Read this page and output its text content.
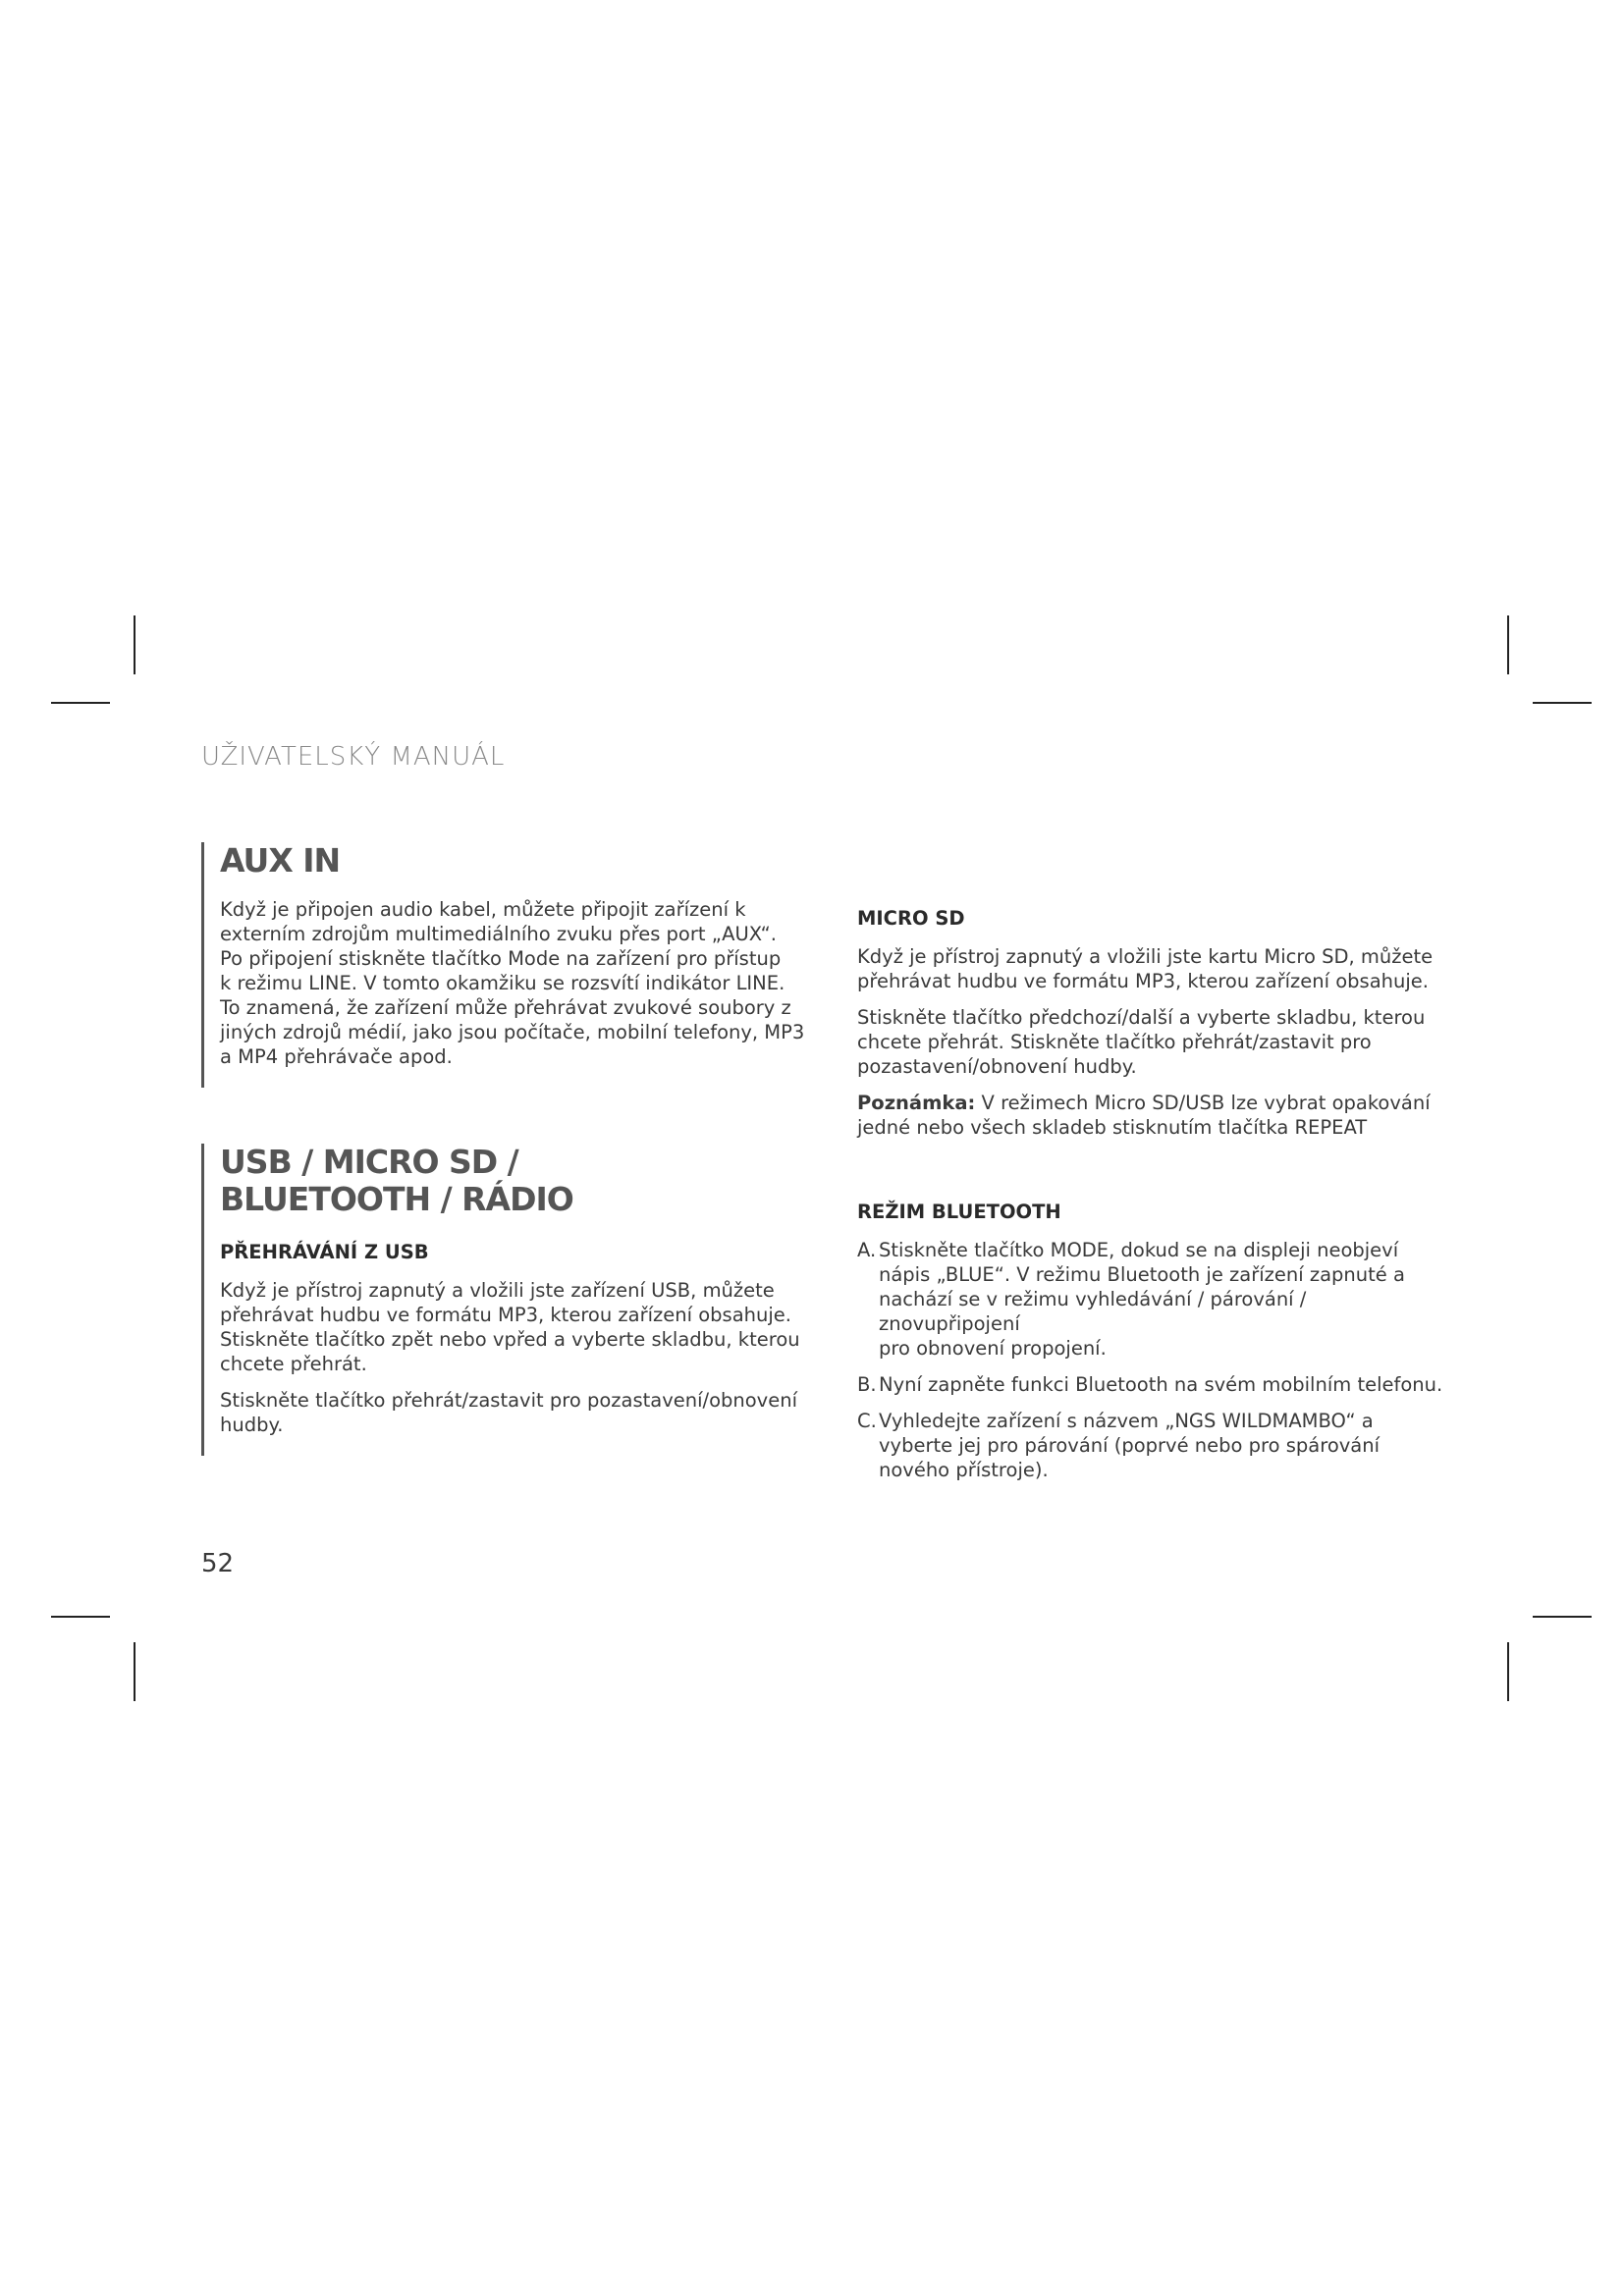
UŽIVATELSKÝ MANUÁL
AUX IN

Když je připojen audio kabel, můžete připojit zařízení k
externím zdrojům multimediálního zvuku přes port „AUX“.
Po připojení stiskněte tlačítko Mode na zařízení pro přístup
k režimu LINE. V tomto okamžiku se rozsvítí indikátor LINE.
To znamená, že zařízení může přehrávat zvukové soubory z
jiných zdrojů médií, jako jsou počítače, mobilní telefony, MP3
a MP4 přehrávače apod.

USB / MICRO SD /
BLUETOOTH / RÁDIO

PŘEHRÁVÁNÍ Z USB

Když je přístroj zapnutý a vložili jste zařízení USB, můžete
přehrávat hudbu ve formátu MP3, kterou zařízení obsahuje.
Stiskněte tlačítko zpět nebo vpřed a vyberte skladbu, kterou
chcete přehrát.

Stiskněte tlačítko přehrát/zastavit pro pozastavení/obnovení
hudby.

MICRO SD

Když je přístroj zapnutý a vložili jste kartu Micro SD, můžete
přehrávat hudbu ve formátu MP3, kterou zařízení obsahuje.

Stiskněte tlačítko předchozí/další a vyberte skladbu, kterou
chcete přehrát. Stiskněte tlačítko přehrát/zastavit pro
pozastavení/obnovení hudby.

Poznámka: V režimech Micro SD/USB lze vybrat opakování
jedné nebo všech skladeb stisknutím tlačítka REPEAT

REŽIM BLUETOOTH

A. Stiskněte tlačítko MODE, dokud se na displeji neobjeví
nápis „BLUE“. V režimu Bluetooth je zařízení zapnuté a
nachází se v režimu vyhledávání / párování / znovupřipojení
pro obnovení propojení.
B. Nyní zapněte funkci Bluetooth na svém mobilním telefonu.
C. Vyhledejte zařízení s názvem „NGS WILDMAMBO“ a
vyberte jej pro párování (poprvé nebo pro spárování
nového přístroje).
52
